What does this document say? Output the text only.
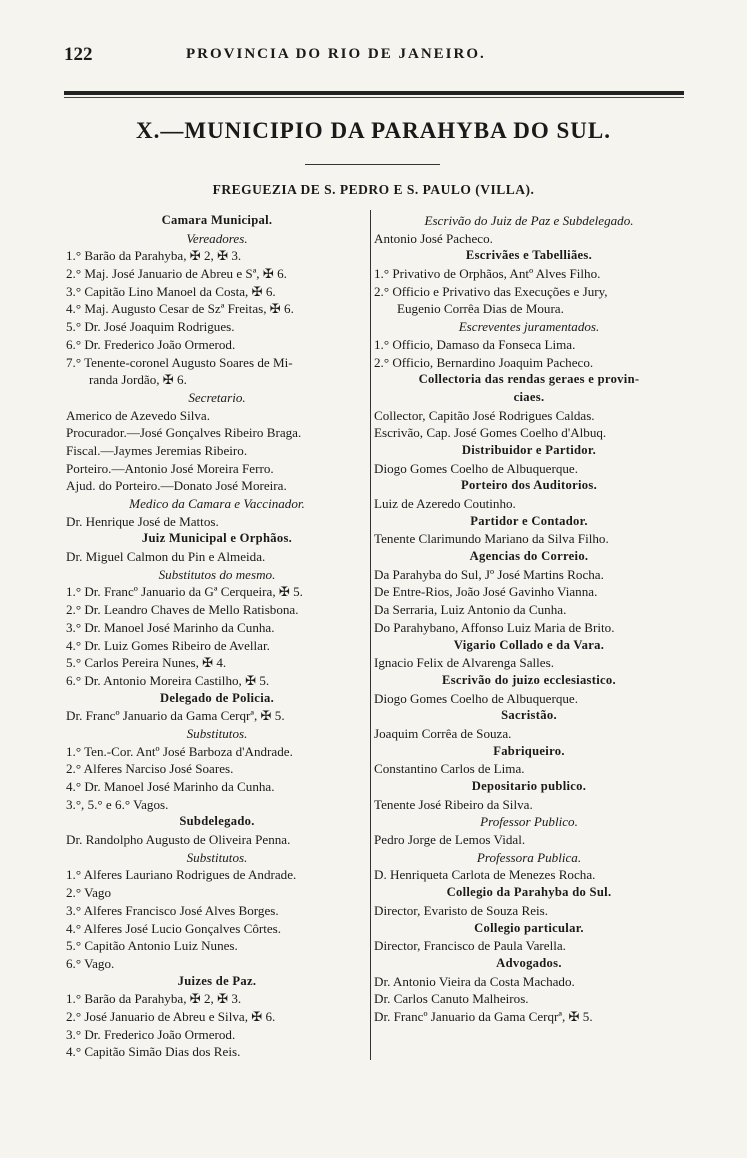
122	PROVINCIA DO RIO DE JANEIRO.
X.—MUNICIPIO DA PARAHYBA DO SUL.
FREGUEZIA DE S. PEDRO E S. PAULO (VILLA).
Camara Municipal.
Vereadores.
1.° Barão da Parahyba, ✠ 2, ✠ 3.
2.° Maj. José Januario de Abreu e Sª, ✠ 6.
3.° Capitão Lino Manoel da Costa, ✠ 6.
4.° Maj. Augusto Cesar de Szª Freitas, ✠ 6.
5.° Dr. José Joaquim Rodrigues.
6.° Dr. Frederico João Ormerod.
7.° Tenente-coronel Augusto Soares de Mi-
randa Jordão, ✠ 6.
Secretario.
Americo de Azevedo Silva.
Procurador.—José Gonçalves Ribeiro Braga.
Fiscal.—Jaymes Jeremias Ribeiro.
Porteiro.—Antonio José Moreira Ferro.
Ajud. do Porteiro.—Donato José Moreira.
Medico da Camara e Vaccinador.
Dr. Henrique José de Mattos.
Juiz Municipal e Orphãos.
Dr. Miguel Calmon du Pin e Almeida.
Substitutos do mesmo.
1.° Dr. Francº Januario da Gª Cerqueira, ✠ 5.
2.° Dr. Leandro Chaves de Mello Ratisbona.
3.° Dr. Manoel José Marinho da Cunha.
4.° Dr. Luiz Gomes Ribeiro de Avellar.
5.° Carlos Pereira Nunes, ✠ 4.
6.° Dr. Antonio Moreira Castilho, ✠ 5.
Delegado de Policia.
Dr. Francº Januario da Gama Cerqrª, ✠ 5.
Substitutos.
1.° Ten.-Cor. Antº José Barboza d'Andrade.
2.° Alferes Narciso José Soares.
4.° Dr. Manoel José Marinho da Cunha.
3.°, 5.° e 6.° Vagos.
Subdelegado.
Dr. Randolpho Augusto de Oliveira Penna.
Substitutos.
1.° Alferes Lauriano Rodrigues de Andrade.
2.° Vago
3.° Alferes Francisco José Alves Borges.
4.° Alferes José Lucio Gonçalves Côrtes.
5.° Capitão Antonio Luiz Nunes.
6.° Vago.
Juizes de Paz.
1.° Barão da Parahyba, ✠ 2, ✠ 3.
2.° José Januario de Abreu e Silva, ✠ 6.
3.° Dr. Frederico João Ormerod.
4.° Capitão Simão Dias dos Reis.
Escrivão do Juiz de Paz e Subdelegado.
Antonio José Pacheco.
Escrivães e Tabelliães.
1.° Privativo de Orphãos, Antº Alves Filho.
2.° Officio e Privativo das Execuções e Jury,
Eugenio Corrêa Dias de Moura.
Escreventes juramentados.
1.° Officio, Damaso da Fonseca Lima.
2.° Officio, Bernardino Joaquim Pacheco.
Collectoria das rendas geraes e provin-
ciaes.
Collector, Capitão José Rodrigues Caldas.
Escrivão, Cap. José Gomes Coelho d'Albuq.
Distribuidor e Partidor.
Diogo Gomes Coelho de Albuquerque.
Porteiro dos Auditorios.
Luiz de Azeredo Coutinho.
Partidor e Contador.
Tenente Clarimundo Mariano da Silva Filho.
Agencias do Correio.
Da Parahyba do Sul, Jº José Martins Rocha.
De Entre-Rios, João José Gavinho Vianna.
Da Serraria, Luiz Antonio da Cunha.
Do Parahybano, Affonso Luiz Maria de Brito.
Vigario Collado e da Vara.
Ignacio Felix de Alvarenga Salles.
Escrivão do juizo ecclesiastico.
Diogo Gomes Coelho de Albuquerque.
Sacristão.
Joaquim Corrêa de Souza.
Fabriqueiro.
Constantino Carlos de Lima.
Depositario publico.
Tenente José Ribeiro da Silva.
Professor Publico.
Pedro Jorge de Lemos Vidal.
Professora Publica.
D. Henriqueta Carlota de Menezes Rocha.
Collegio da Parahyba do Sul.
Director, Evaristo de Souza Reis.
Collegio particular.
Director, Francisco de Paula Varella.
Advogados.
Dr. Antonio Vieira da Costa Machado.
Dr. Carlos Canuto Malheiros.
Dr. Francº Januario da Gama Cerqrª, ✠ 5.
